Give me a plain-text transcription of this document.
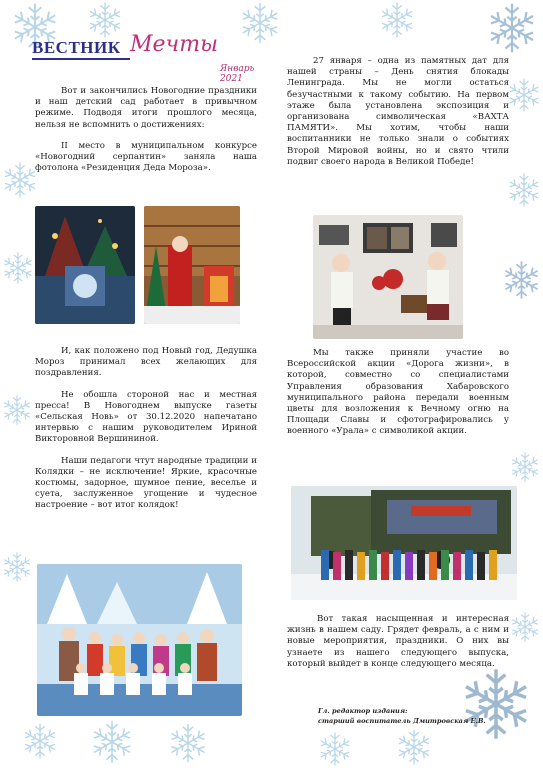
ВЕСТНИК Мечты
Январь 2021

Вот и закончились Новогодние праздники и наш детский сад работает в привычном режиме. Подводя итоги прошлого месяца, нельзя не вспомнить о достижениях:

II место в муниципальном конкурсе «Новогодний серпантин» заняла наша фотолона «Резиденция Деда Мороза».

И, как положено под Новый год, Дедушка Мороз принимал всех желающих для поздравления.

Не обошла стороной нас и местная пресса! В Новогоднем выпуске газеты «Сельская Новь» от 30.12.2020 напечатано интервью с нашим руководителем Ириной Викторовной Вершининой.

Наши педагоги чтут народные традиции и Колядки – не исключение! Яркие, красочные костюмы, задорное, шумное пение, веселье и суета, заслуженное угощение и чудесное настроение – вот итог колядок!

27 января – одна из памятных дат для нашей страны – День снятия блокады Ленинграда. Мы не могли остаться безучастными к такому событию. На первом этаже была установлена экспозиция и организована символическая «ВАХТА ПАМЯТИ». Мы хотим, чтобы наши воспитанники не только знали о событиях Второй Мировой войны, но и свято чтили подвиг своего народа в Великой Победе!

Мы также приняли участие во Всероссийской акции «Дорога жизни», в которой, совместно со специалистами Управления образования Хабаровского муниципального района передали военным цветы для возложения к Вечному огню на Площади Славы и сфотографировались у военного «Урала» с символикой акции.

Вот такая насыщенная и интересная жизнь в нашем саду. Грядет февраль, а с ним и новые мероприятия, праздники. О них вы узнаете из нашего следующего выпуска, который выйдет в конце следующего месяца.

Гл. редактор издания:
старший воспитатель Дмитровская Е.В.
